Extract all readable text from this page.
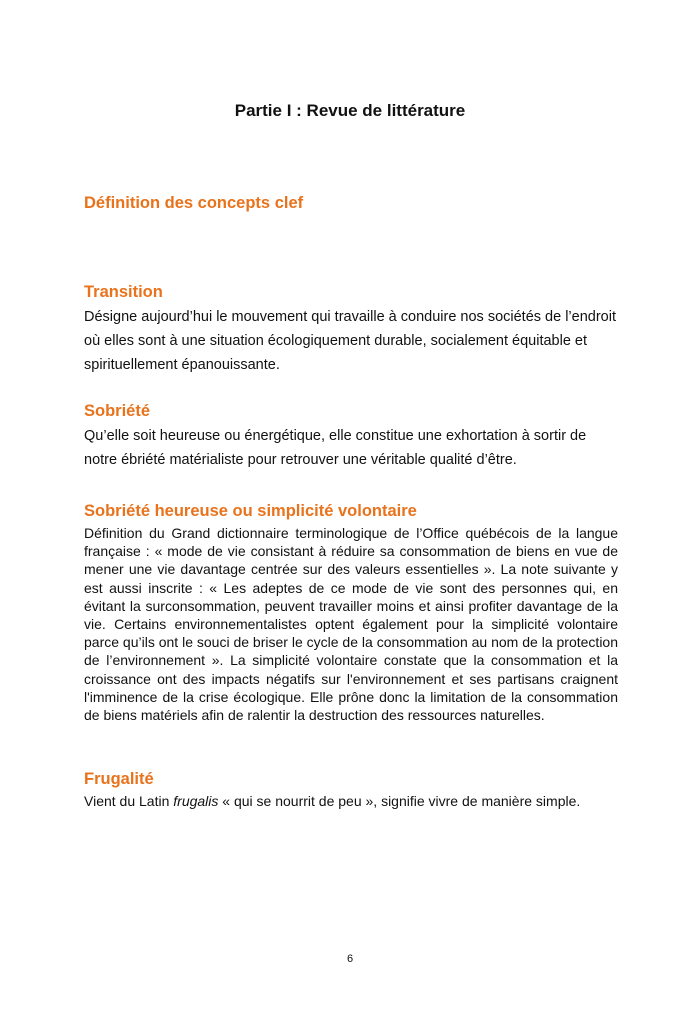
Partie I : Revue de littérature
Définition des concepts clef
Transition

Désigne aujourd’hui le mouvement qui travaille à conduire nos sociétés de l’endroit où elles sont à une situation écologiquement durable, socialement équitable et spirituellement épanouissante.

Sobriété

Qu’elle soit heureuse ou énergétique, elle constitue une exhortation à sortir de notre ébriété matérialiste pour retrouver une véritable qualité d’être.

Sobriété heureuse ou simplicité volontaire

Définition du Grand dictionnaire terminologique de l’Office québécois de la langue française : « mode de vie consistant à réduire sa consommation de biens en vue de mener une vie davantage centrée sur des valeurs essentielles ». La note suivante y est aussi inscrite : « Les adeptes de ce mode de vie sont des personnes qui, en évitant la surconsommation, peuvent travailler moins et ainsi profiter davantage de la vie. Certains environnementalistes optent également pour la simplicité volontaire parce qu’ils ont le souci de briser le cycle de la consommation au nom de la protection de l’environnement ». La simplicité volontaire constate que la consommation et la croissance ont des impacts négatifs sur l'environnement et ses partisans craignent l'imminence de la crise écologique. Elle prône donc la limitation de la consommation de biens matériels afin de ralentir la destruction des ressources naturelles.

Frugalité

Vient du Latin frugalis « qui se nourrit de peu », signifie vivre de manière simple.

6
